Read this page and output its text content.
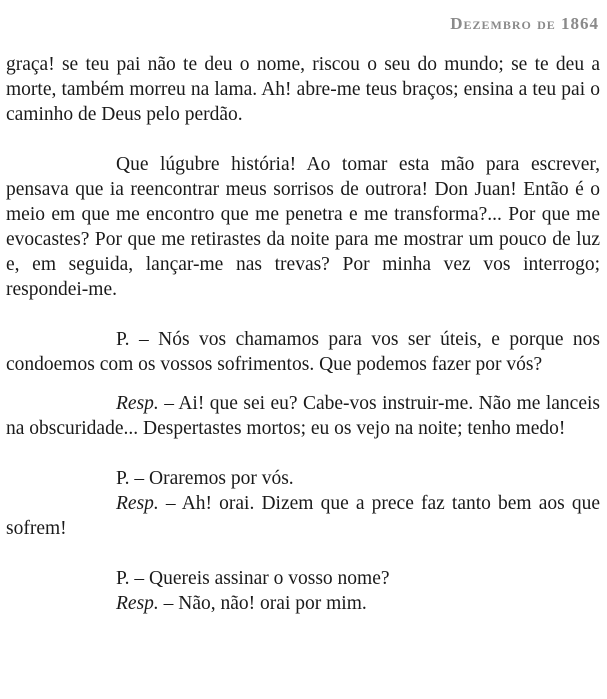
Dezembro de 1864

graça! se teu pai não te deu o nome, riscou o seu do mundo; se te deu a morte, também morreu na lama. Ah! abre-me teus braços; ensina a teu pai o caminho de Deus pelo perdão.

Que lúgubre história! Ao tomar esta mão para escrever, pensava que ia reencontrar meus sorrisos de outrora! Don Juan! Então é o meio em que me encontro que me penetra e me transforma?... Por que me evocastes? Por que me retirastes da noite para me mostrar um pouco de luz e, em seguida, lançar-me nas trevas? Por minha vez vos interrogo; respondei-me.

P. – Nós vos chamamos para vos ser úteis, e porque nos condoemos com os vossos sofrimentos. Que podemos fazer por vós?

Resp. – Ai! que sei eu? Cabe-vos instruir-me. Não me lanceis na obscuridade... Despertastes mortos; eu os vejo na noite; tenho medo!

P. – Oraremos por vós.

Resp. – Ah! orai. Dizem que a prece faz tanto bem aos que sofrem!

P. – Quereis assinar o vosso nome?

Resp. – Não, não! orai por mim.
